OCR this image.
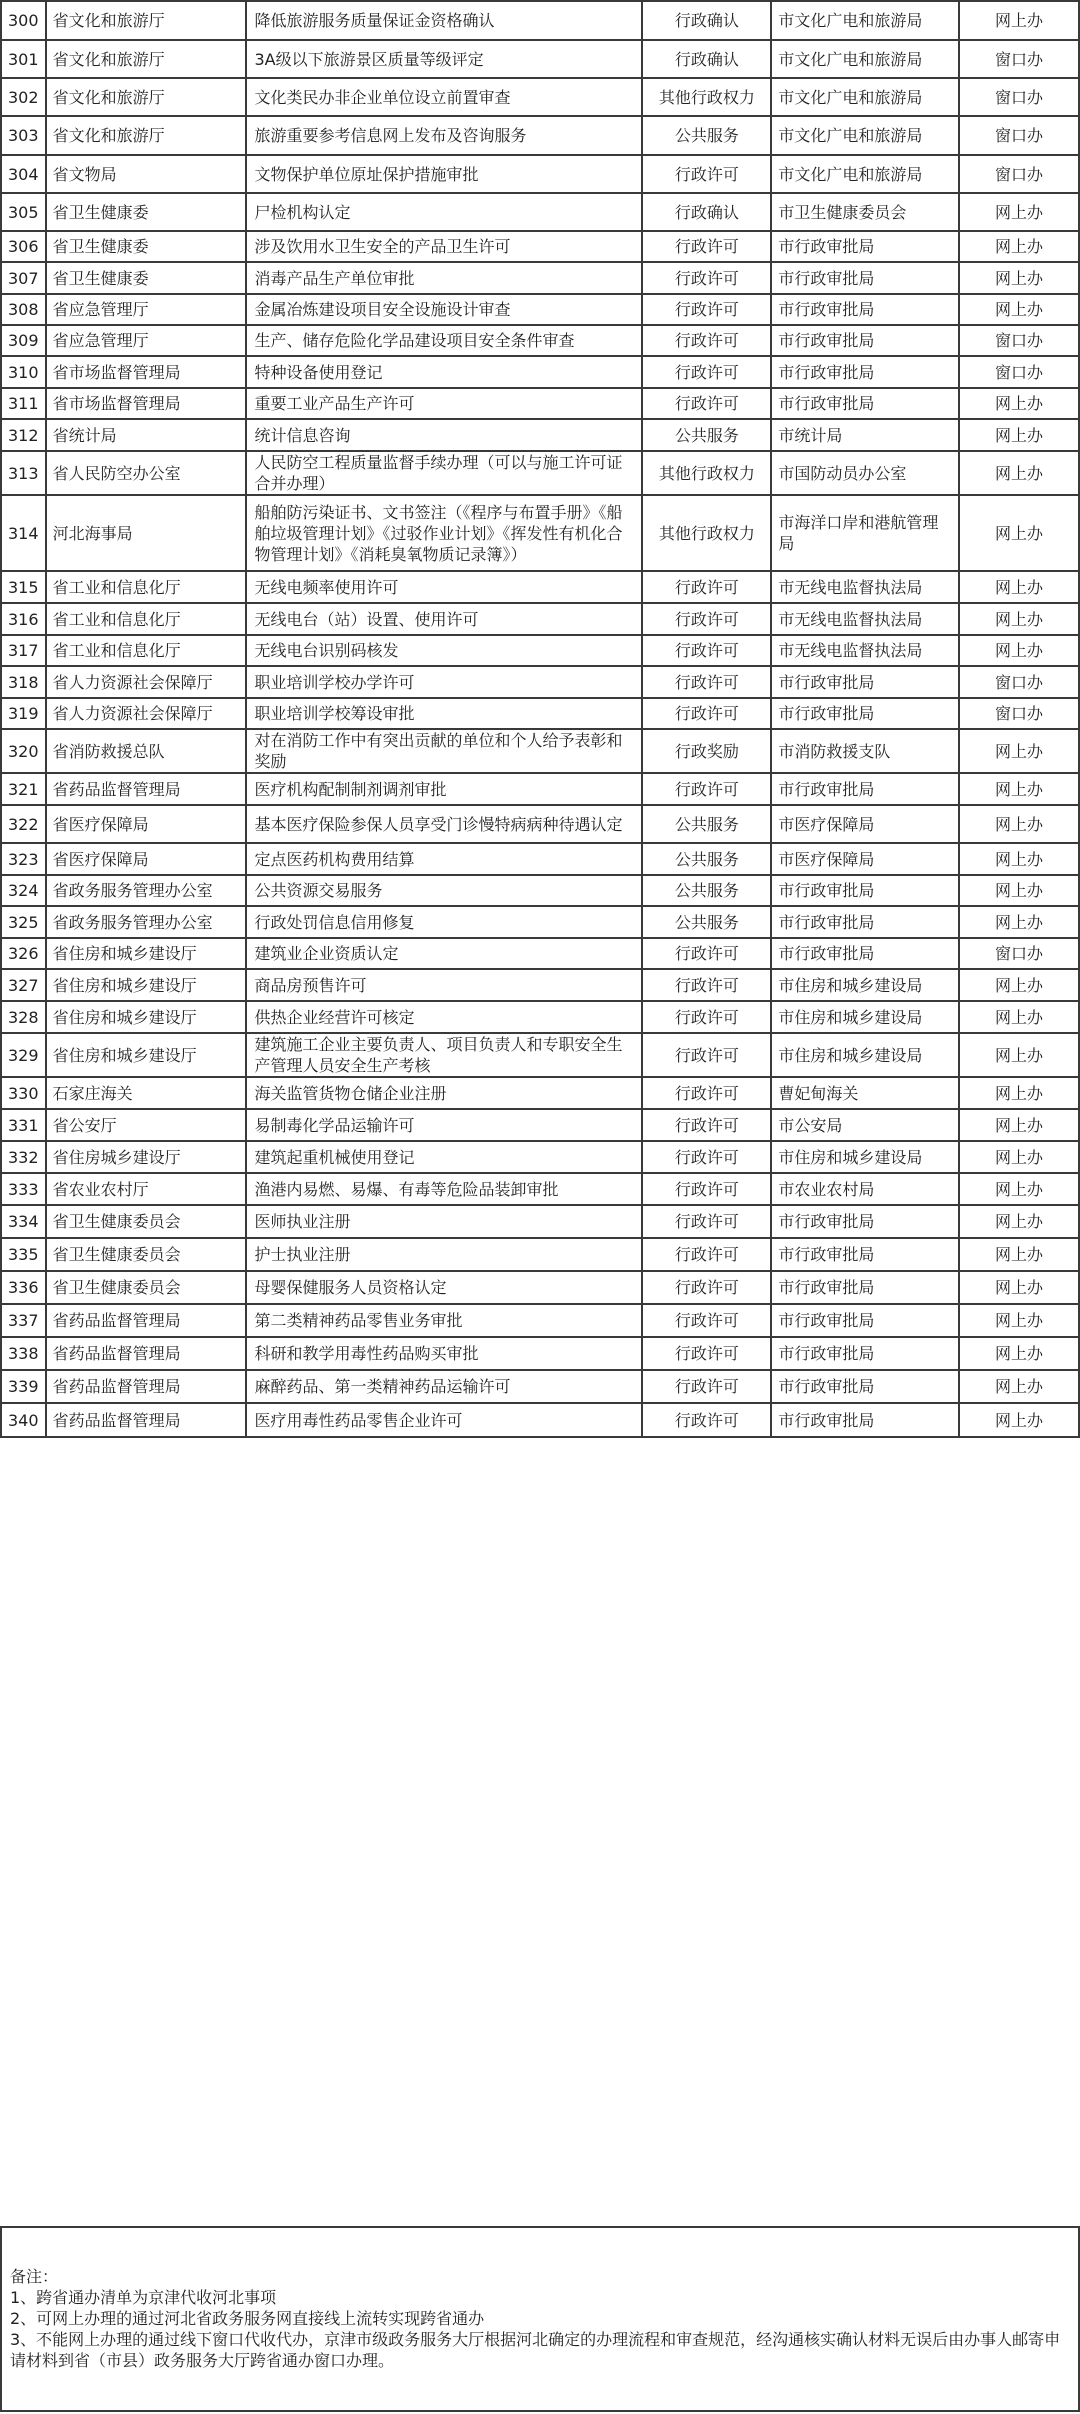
300	省文化和旅游厅	降低旅游服务质量保证金资格确认	行政确认	市文化广电和旅游局	网上办
301	省文化和旅游厅	3A级以下旅游景区质量等级评定	行政确认	市文化广电和旅游局	窗口办
302	省文化和旅游厅	文化类民办非企业单位设立前置审查	其他行政权力	市文化广电和旅游局	窗口办
303	省文化和旅游厅	旅游重要参考信息网上发布及咨询服务	公共服务	市文化广电和旅游局	窗口办
304	省文物局	文物保护单位原址保护措施审批	行政许可	市文化广电和旅游局	窗口办
305	省卫生健康委	尸检机构认定	行政确认	市卫生健康委员会	网上办
306	省卫生健康委	涉及饮用水卫生安全的产品卫生许可	行政许可	市行政审批局	网上办
307	省卫生健康委	消毒产品生产单位审批	行政许可	市行政审批局	网上办
308	省应急管理厅	金属冶炼建设项目安全设施设计审查	行政许可	市行政审批局	网上办
309	省应急管理厅	生产、储存危险化学品建设项目安全条件审查	行政许可	市行政审批局	窗口办
310	省市场监督管理局	特种设备使用登记	行政许可	市行政审批局	窗口办
311	省市场监督管理局	重要工业产品生产许可	行政许可	市行政审批局	网上办
312	省统计局	统计信息咨询	公共服务	市统计局	网上办
313	省人民防空办公室	人民防空工程质量监督手续办理（可以与施工许可证合并办理）	其他行政权力	市国防动员办公室	网上办
314	河北海事局	船舶防污染证书、文书签注（《程序与布置手册》《船舶垃圾管理计划》《过驳作业计划》《挥发性有机化合物管理计划》《消耗臭氧物质记录簿》）	其他行政权力	市海洋口岸和港航管理局	网上办
315	省工业和信息化厅	无线电频率使用许可	行政许可	市无线电监督执法局	网上办
316	省工业和信息化厅	无线电台（站）设置、使用许可	行政许可	市无线电监督执法局	网上办
317	省工业和信息化厅	无线电台识别码核发	行政许可	市无线电监督执法局	网上办
318	省人力资源社会保障厅	职业培训学校办学许可	行政许可	市行政审批局	窗口办
319	省人力资源社会保障厅	职业培训学校筹设审批	行政许可	市行政审批局	窗口办
320	省消防救援总队	对在消防工作中有突出贡献的单位和个人给予表彰和奖励	行政奖励	市消防救援支队	网上办
321	省药品监督管理局	医疗机构配制制剂调剂审批	行政许可	市行政审批局	网上办
322	省医疗保障局	基本医疗保险参保人员享受门诊慢特病病种待遇认定	公共服务	市医疗保障局	网上办
323	省医疗保障局	定点医药机构费用结算	公共服务	市医疗保障局	网上办
324	省政务服务管理办公室	公共资源交易服务	公共服务	市行政审批局	网上办
325	省政务服务管理办公室	行政处罚信息信用修复	公共服务	市行政审批局	网上办
326	省住房和城乡建设厅	建筑业企业资质认定	行政许可	市行政审批局	窗口办
327	省住房和城乡建设厅	商品房预售许可	行政许可	市住房和城乡建设局	网上办
328	省住房和城乡建设厅	供热企业经营许可核定	行政许可	市住房和城乡建设局	网上办
329	省住房和城乡建设厅	建筑施工企业主要负责人、项目负责人和专职安全生产管理人员安全生产考核	行政许可	市住房和城乡建设局	网上办
330	石家庄海关	海关监管货物仓储企业注册	行政许可	曹妃甸海关	网上办
331	省公安厅	易制毒化学品运输许可	行政许可	市公安局	网上办
332	省住房城乡建设厅	建筑起重机械使用登记	行政许可	市住房和城乡建设局	网上办
333	省农业农村厅	渔港内易燃、易爆、有毒等危险品装卸审批	行政许可	市农业农村局	网上办
334	省卫生健康委员会	医师执业注册	行政许可	市行政审批局	网上办
335	省卫生健康委员会	护士执业注册	行政许可	市行政审批局	网上办
336	省卫生健康委员会	母婴保健服务人员资格认定	行政许可	市行政审批局	网上办
337	省药品监督管理局	第二类精神药品零售业务审批	行政许可	市行政审批局	网上办
338	省药品监督管理局	科研和教学用毒性药品购买审批	行政许可	市行政审批局	网上办
339	省药品监督管理局	麻醉药品、第一类精神药品运输许可	行政许可	市行政审批局	网上办
340	省药品监督管理局	医疗用毒性药品零售企业许可	行政许可	市行政审批局	网上办
备注：
1、跨省通办清单为京津代收河北事项
2、可网上办理的通过河北省政务服务网直接线上流转实现跨省通办
3、不能网上办理的通过线下窗口代收代办，京津市级政务服务大厅根据河北确定的办理流程和审查规范，经沟通核实确认材料无误后由办事人邮寄申请材料到省（市县）政务服务大厅跨省通办窗口办理。
